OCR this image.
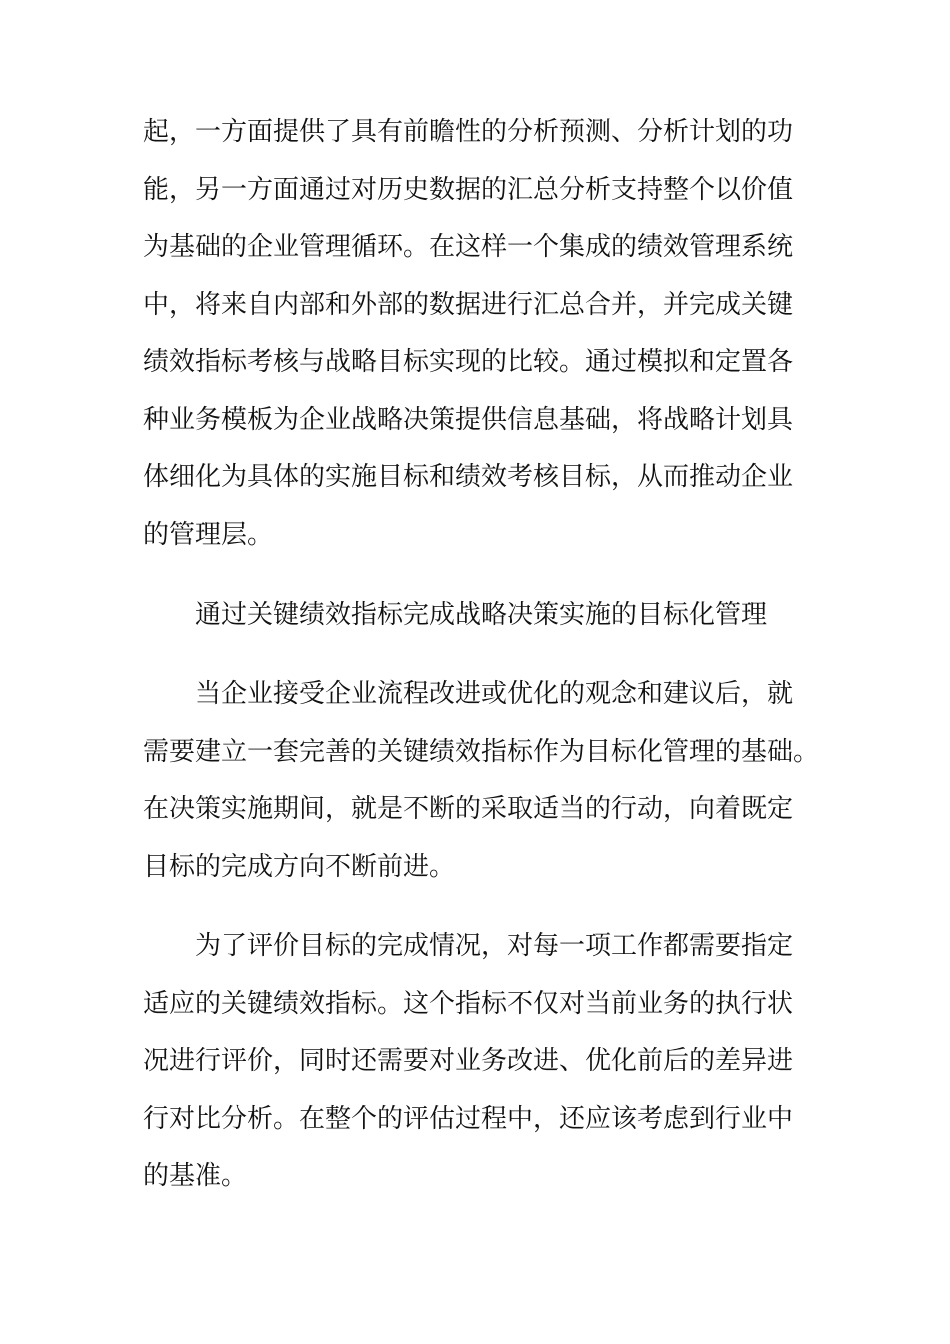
起，一方面提供了具有前瞻性的分析预测、分析计划的功
能，另一方面通过对历史数据的汇总分析支持整个以价值
为基础的企业管理循环。在这样一个集成的绩效管理系统
中，将来自内部和外部的数据进行汇总合并，并完成关键
绩效指标考核与战略目标实现的比较。通过模拟和定置各
种业务模板为企业战略决策提供信息基础，将战略计划具
体细化为具体的实施目标和绩效考核目标，从而推动企业
的管理层。

通过关键绩效指标完成战略决策实施的目标化管理

当企业接受企业流程改进或优化的观念和建议后，就
需要建立一套完善的关键绩效指标作为目标化管理的基础。
在决策实施期间，就是不断的采取适当的行动，向着既定
目标的完成方向不断前进。

为了评价目标的完成情况，对每一项工作都需要指定
适应的关键绩效指标。这个指标不仅对当前业务的执行状
况进行评价，同时还需要对业务改进、优化前后的差异进
行对比分析。在整个的评估过程中，还应该考虑到行业中
的基准。
